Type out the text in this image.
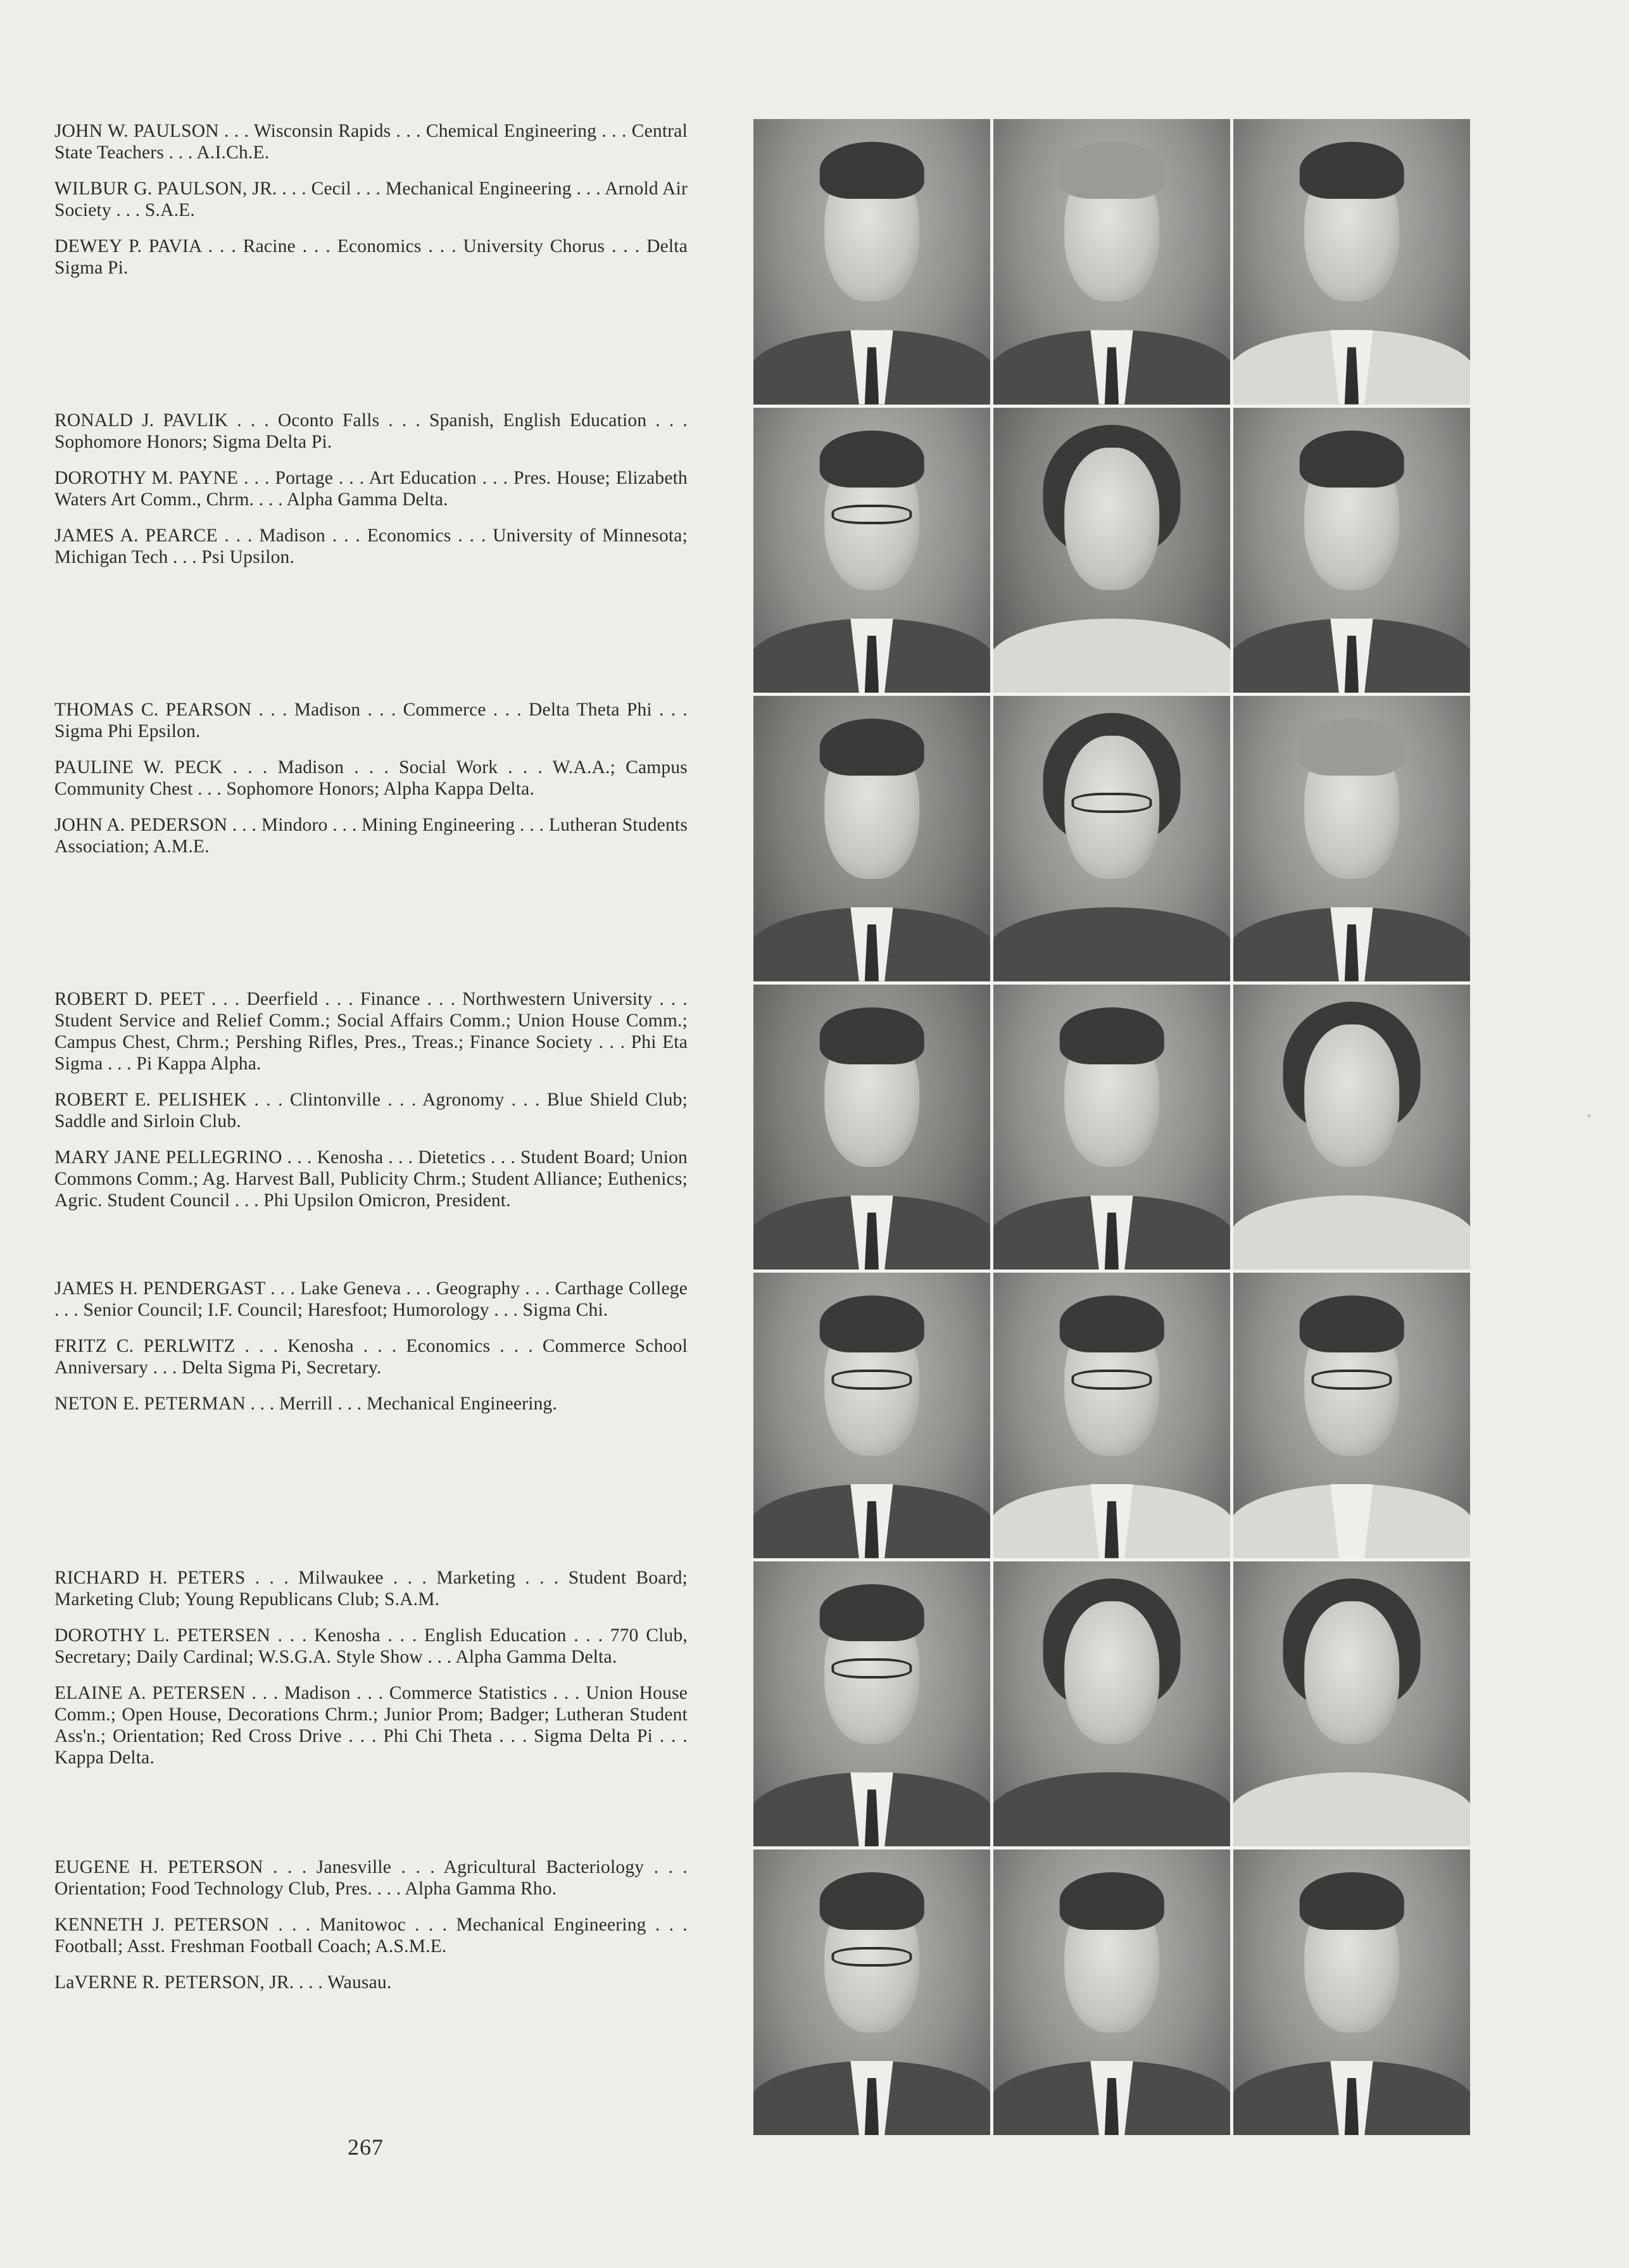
JOHN W. PAULSON . . . Wisconsin Rapids . . . Chemical Engineering . . . Central State Teachers . . . A.I.Ch.E.

WILBUR G. PAULSON, JR. . . . Cecil . . . Mechanical Engineering . . . Arnold Air Society . . . S.A.E.

DEWEY P. PAVIA . . . Racine . . . Economics . . . University Chorus . . . Delta Sigma Pi.

RONALD J. PAVLIK . . . Oconto Falls . . . Spanish, English Education . . . Sophomore Honors; Sigma Delta Pi.

DOROTHY M. PAYNE . . . Portage . . . Art Education . . . Pres. House; Elizabeth Waters Art Comm., Chrm. . . . Alpha Gamma Delta.

JAMES A. PEARCE . . . Madison . . . Economics . . . University of Minnesota; Michigan Tech . . . Psi Upsilon.

THOMAS C. PEARSON . . . Madison . . . Commerce . . . Delta Theta Phi . . . Sigma Phi Epsilon.

PAULINE W. PECK . . . Madison . . . Social Work . . . W.A.A.; Campus Community Chest . . . Sophomore Honors; Alpha Kappa Delta.

JOHN A. PEDERSON . . . Mindoro . . . Mining Engineering . . . Lutheran Students Association; A.M.E.

ROBERT D. PEET . . . Deerfield . . . Finance . . . Northwestern University . . . Student Service and Relief Comm.; Social Affairs Comm.; Union House Comm.; Campus Chest, Chrm.; Pershing Rifles, Pres., Treas.; Finance Society . . . Phi Eta Sigma . . . Pi Kappa Alpha.

ROBERT E. PELISHEK . . . Clintonville . . . Agronomy . . . Blue Shield Club; Saddle and Sirloin Club.

MARY JANE PELLEGRINO . . . Kenosha . . . Dietetics . . . Student Board; Union Commons Comm.; Ag. Harvest Ball, Publicity Chrm.; Student Alliance; Euthenics; Agric. Student Council . . . Phi Upsilon Omicron, President.

JAMES H. PENDERGAST . . . Lake Geneva . . . Geography . . . Carthage College . . . Senior Council; I.F. Council; Haresfoot; Humorology . . . Sigma Chi.

FRITZ C. PERLWITZ . . . Kenosha . . . Economics . . . Commerce School Anniversary . . . Delta Sigma Pi, Secretary.

NETON E. PETERMAN . . . Merrill . . . Mechanical Engineering.

RICHARD H. PETERS . . . Milwaukee . . . Marketing . . . Student Board; Marketing Club; Young Republicans Club; S.A.M.

DOROTHY L. PETERSEN . . . Kenosha . . . English Education . . . 770 Club, Secretary; Daily Cardinal; W.S.G.A. Style Show . . . Alpha Gamma Delta.

ELAINE A. PETERSEN . . . Madison . . . Commerce Statistics . . . Union House Comm.; Open House, Decorations Chrm.; Junior Prom; Badger; Lutheran Student Ass'n.; Orientation; Red Cross Drive . . . Phi Chi Theta . . . Sigma Delta Pi . . . Kappa Delta.

EUGENE H. PETERSON . . . Janesville . . . Agricultural Bacteriology . . . Orientation; Food Technology Club, Pres. . . . Alpha Gamma Rho.

KENNETH J. PETERSON . . . Manitowoc . . . Mechanical Engineering . . . Football; Asst. Freshman Football Coach; A.S.M.E.

LaVERNE R. PETERSON, JR. . . . Wausau.

267
